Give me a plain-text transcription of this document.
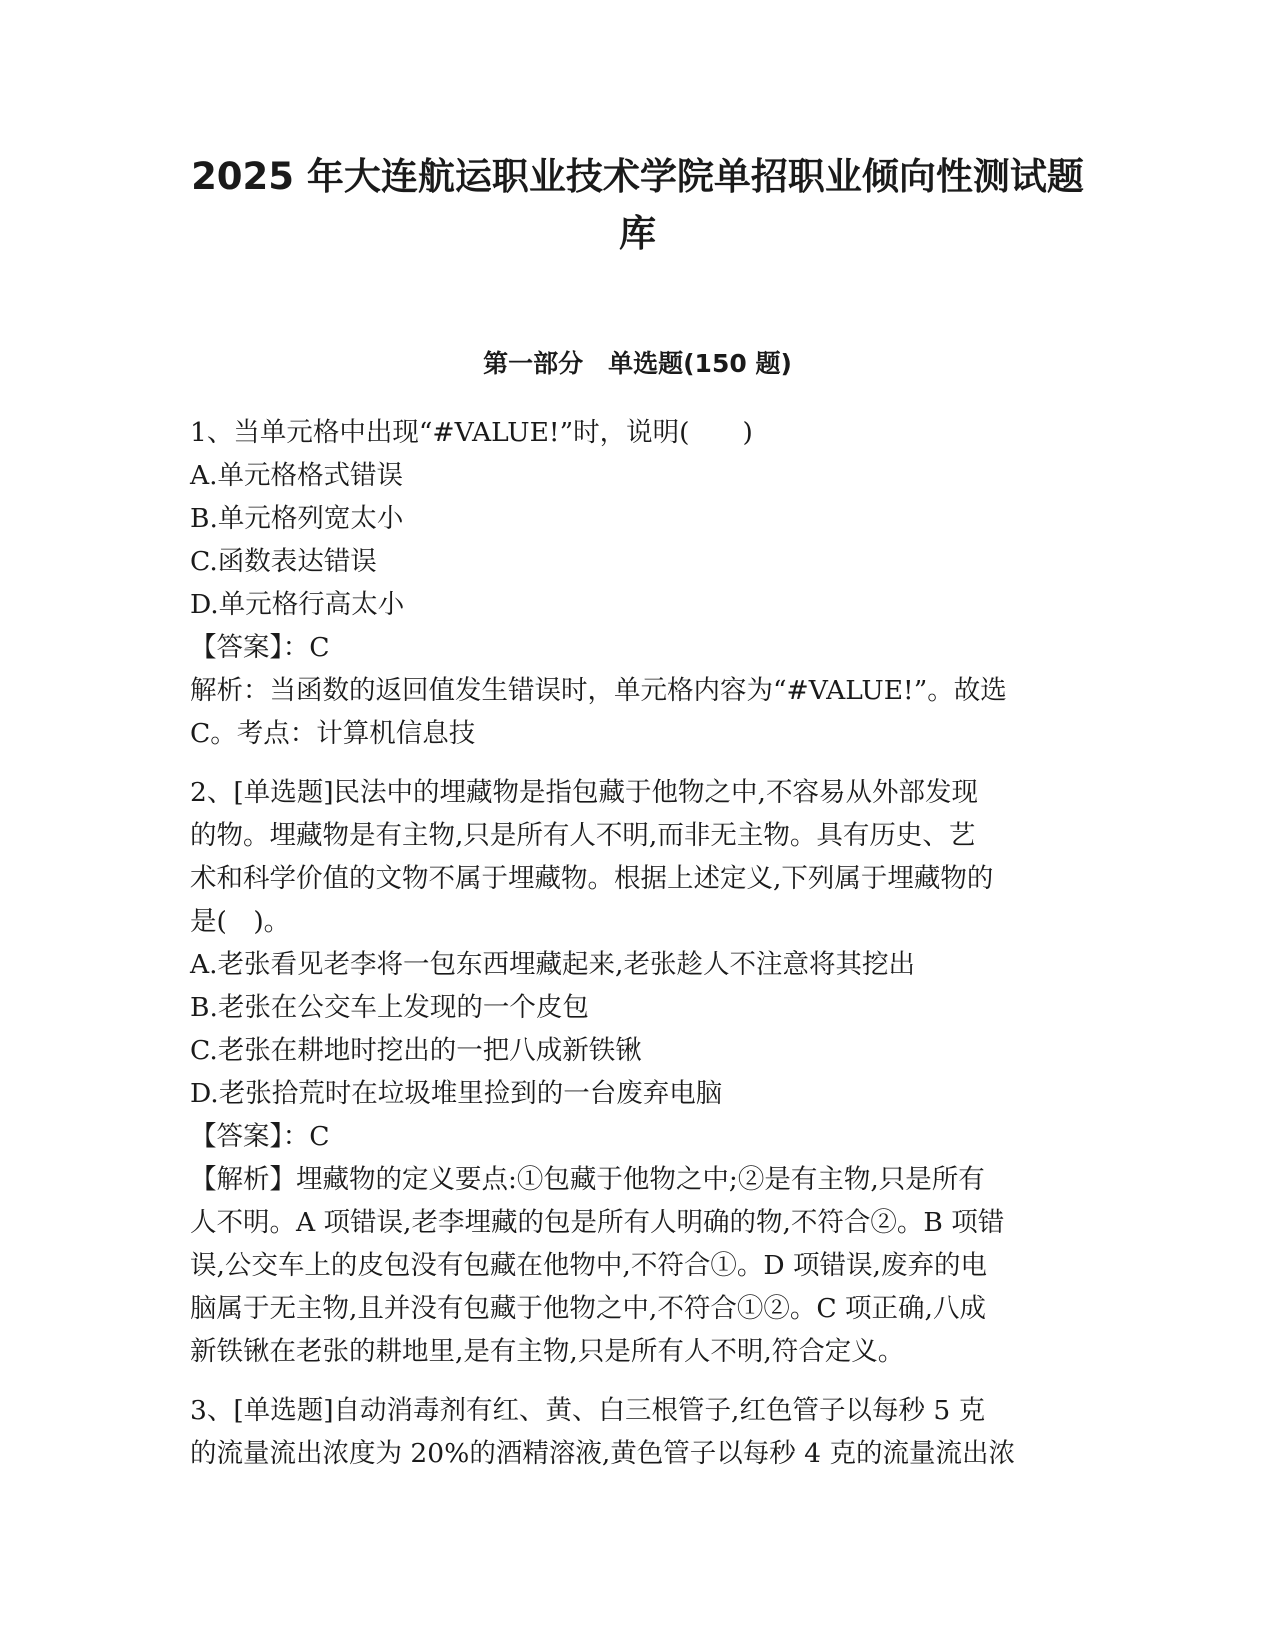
2025 年大连航运职业技术学院单招职业倾向性测试题
库
第一部分　单选题(150 题)
1、当单元格中出现“#VALUE!”时，说明(　　)
A.单元格格式错误
B.单元格列宽太小
C.函数表达错误
D.单元格行高太小
【答案】：C
解析：当函数的返回值发生错误时，单元格内容为“#VALUE!”。故选
C。考点：计算机信息技
2、[单选题]民法中的埋藏物是指包藏于他物之中,不容易从外部发现
的物。埋藏物是有主物,只是所有人不明,而非无主物。具有历史、艺
术和科学价值的文物不属于埋藏物。根据上述定义,下列属于埋藏物的
是(　)。
A.老张看见老李将一包东西埋藏起来,老张趁人不注意将其挖出
B.老张在公交车上发现的一个皮包
C.老张在耕地时挖出的一把八成新铁锹
D.老张拾荒时在垃圾堆里捡到的一台废弃电脑
【答案】：C
【解析】埋藏物的定义要点:①包藏于他物之中;②是有主物,只是所有
人不明。A 项错误,老李埋藏的包是所有人明确的物,不符合②。B 项错
误,公交车上的皮包没有包藏在他物中,不符合①。D 项错误,废弃的电
脑属于无主物,且并没有包藏于他物之中,不符合①②。C 项正确,八成
新铁锹在老张的耕地里,是有主物,只是所有人不明,符合定义。
3、[单选题]自动消毒剂有红、黄、白三根管子,红色管子以每秒 5 克
的流量流出浓度为 20%的酒精溶液,黄色管子以每秒 4 克的流量流出浓
